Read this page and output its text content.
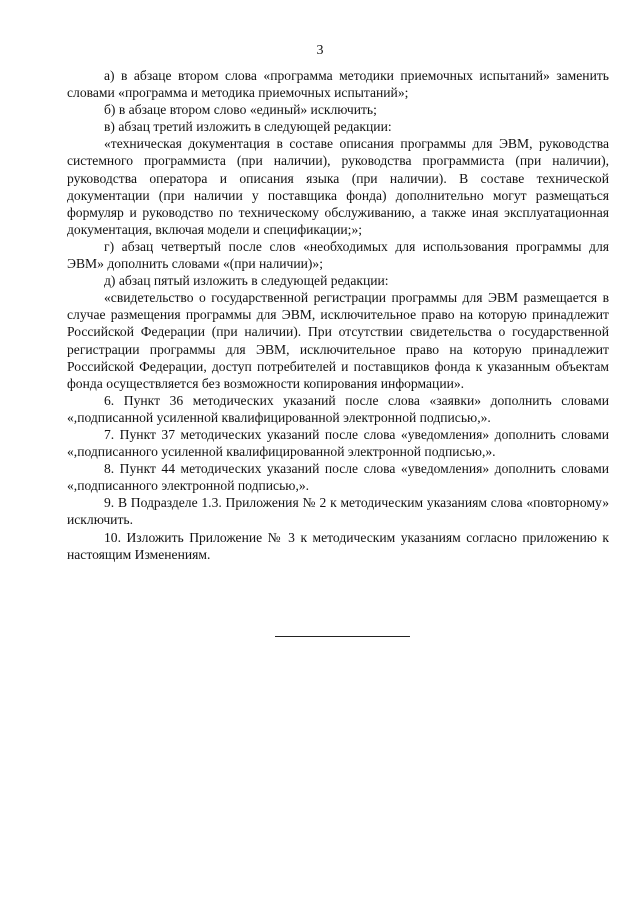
3

а) в абзаце втором слова «программа методики приемочных испытаний» заменить словами «программа и методика приемочных испытаний»;

б) в абзаце втором слово «единый» исключить;

в) абзац третий изложить в следующей редакции:

«техническая документация в составе описания программы для ЭВМ, руководства системного программиста (при наличии), руководства программиста (при наличии), руководства оператора и описания языка (при наличии). В составе технической документации (при наличии у поставщика фонда) дополнительно могут размещаться формуляр и руководство по техническому обслуживанию, а также иная эксплуатационная документация, включая модели и спецификации;»;

г) абзац четвертый после слов «необходимых для использования программы для ЭВМ» дополнить словами «(при наличии)»;

д) абзац пятый изложить в следующей редакции:

«свидетельство о государственной регистрации программы для ЭВМ размещается в случае размещения программы для ЭВМ, исключительное право на которую принадлежит Российской Федерации (при наличии). При отсутствии свидетельства о государственной регистрации программы для ЭВМ, исключительное право на которую принадлежит Российской Федерации, доступ потребителей и поставщиков фонда к указанным объектам фонда осуществляется без возможности копирования информации».

6. Пункт 36 методических указаний после слова «заявки» дополнить словами «,подписанной усиленной квалифицированной электронной подписью,».

7. Пункт 37 методических указаний после слова «уведомления» дополнить словами «,подписанного усиленной квалифицированной электронной подписью,».

8. Пункт 44 методических указаний после слова «уведомления» дополнить словами «,подписанного электронной подписью,».

9. В Подразделе 1.3. Приложения № 2 к методическим указаниям слова «повторному» исключить.

10. Изложить Приложение № 3 к методическим указаниям согласно приложению к настоящим Изменениям.
